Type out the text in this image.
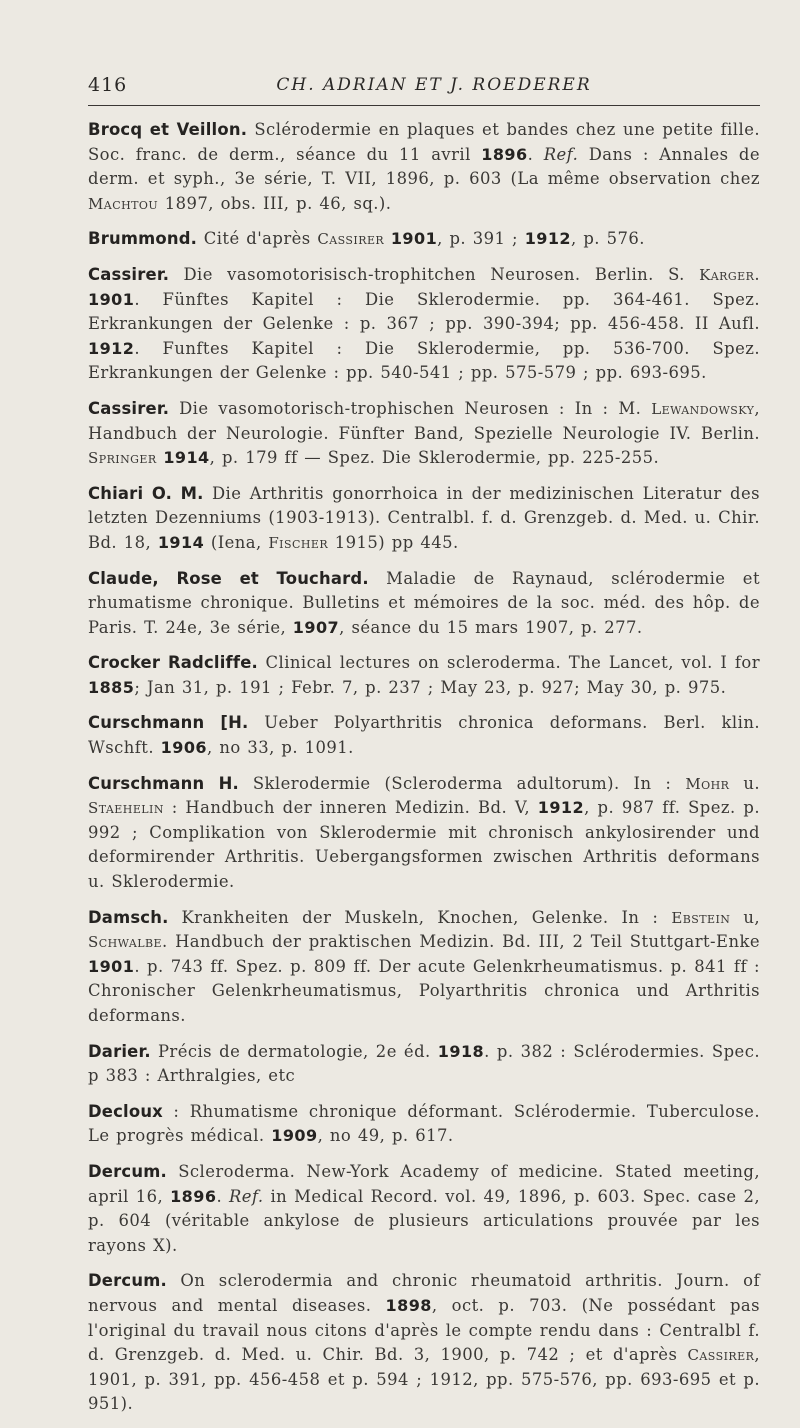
416	CH. ADRIAN ET J. ROEDERER

Brocq et Veillon. Sclérodermie en plaques et bandes chez une petite fille. Soc. franc. de derm., séance du 11 avril 1896. Ref. Dans : Annales de derm. et syph., 3e série, T. VII, 1896, p. 603 (La même observation chez Machtou 1897, obs. III, p. 46, sq.).

Brummond. Cité d'après Cassirer 1901, p. 391 ; 1912, p. 576.

Cassirer. Die vasomotorisisch-trophitchen Neurosen. Berlin. S. Karger. 1901. Fünftes Kapitel : Die Sklerodermie. pp. 364-461. Spez. Erkrankungen der Gelenke : p. 367 ; pp. 390-394; pp. 456-458. II Aufl. 1912. Funftes Kapitel : Die Sklerodermie, pp. 536-700. Spez. Erkrankungen der Gelenke : pp. 540-541 ; pp. 575-579 ; pp. 693-695.

Cassirer. Die vasomotorisch-trophischen Neurosen : In : M. Lewandowsky, Handbuch der Neurologie. Fünfter Band, Spezielle Neurologie IV. Berlin. Springer 1914, p. 179 ff — Spez. Die Sklerodermie, pp. 225-255.

Chiari O. M. Die Arthritis gonorrhoica in der medizinischen Literatur des letzten Dezenniums (1903-1913). Centralbl. f. d. Grenzgeb. d. Med. u. Chir. Bd. 18, 1914 (Iena, Fischer 1915) pp 445.

Claude, Rose et Touchard. Maladie de Raynaud, sclérodermie et rhumatisme chronique. Bulletins et mémoires de la soc. méd. des hôp. de Paris. T. 24e, 3e série, 1907, séance du 15 mars 1907, p. 277.

Crocker Radcliffe. Clinical lectures on scleroderma. The Lancet, vol. I for 1885; Jan 31, p. 191 ; Febr. 7, p. 237 ; May 23, p. 927; May 30, p. 975.

Curschmann [H. Ueber Polyarthritis chronica deformans. Berl. klin. Wschft. 1906, no 33, p. 1091.

Curschmann H. Sklerodermie (Scleroderma adultorum). In : Mohr u. Staehelin : Handbuch der inneren Medizin. Bd. V, 1912, p. 987 ff. Spez. p. 992 ; Complikation von Sklerodermie mit chronisch ankylosirender und deformirender Arthritis. Uebergangsformen zwischen Arthritis deformans u. Sklerodermie.

Damsch. Krankheiten der Muskeln, Knochen, Gelenke. In : Ebstein u, Schwalbe. Handbuch der praktischen Medizin. Bd. III, 2 Teil Stuttgart-Enke 1901. p. 743 ff. Spez. p. 809 ff. Der acute Gelenkrheumatismus. p. 841 ff : Chronischer Gelenkrheumatismus, Polyarthritis chronica und Arthritis deformans.

Darier. Précis de dermatologie, 2e éd. 1918. p. 382 : Sclérodermies. Spec. p 383 : Arthralgies, etc

Decloux : Rhumatisme chronique déformant. Sclérodermie. Tuberculose. Le progrès médical. 1909, no 49, p. 617.

Dercum. Scleroderma. New-York Academy of medicine. Stated meeting, april 16, 1896. Ref. in Medical Record. vol. 49, 1896, p. 603. Spec. case 2, p. 604 (véritable ankylose de plusieurs articulations prouvée par les rayons X).

Dercum. On sclerodermia and chronic rheumatoid arthritis. Journ. of nervous and mental diseases. 1898, oct. p. 703. (Ne possédant pas l'original du travail nous citons d'après le compte rendu dans : Centralbl f. d. Grenzgeb. d. Med. u. Chir. Bd. 3, 1900, p. 742 ; et d'après Cassirer, 1901, p. 391, pp. 456-458 et p. 594 ; 1912, pp. 575-576, pp. 693-695 et p. 951).
